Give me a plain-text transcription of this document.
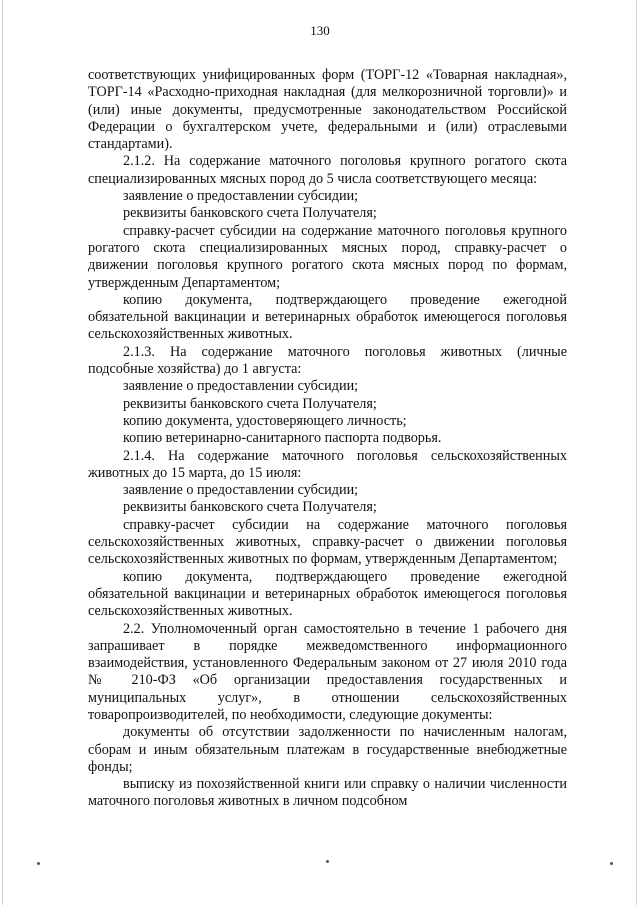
130

соответствующих унифицированных форм (ТОРГ-12 «Товарная накладная», ТОРГ-14 «Расходно-приходная накладная (для мелкорозничной торговли)» и (или) иные документы, предусмотренные законодательством Российской Федерации о бухгалтерском учете, федеральными и (или) отраслевыми стандартами).

2.1.2. На содержание маточного поголовья крупного рогатого скота специализированных мясных пород до 5 числа соответствующего месяца:

заявление о предоставлении субсидии;

реквизиты банковского счета Получателя;

справку-расчет субсидии на содержание маточного поголовья крупного рогатого скота специализированных мясных пород, справку-расчет о движении поголовья крупного рогатого скота мясных пород по формам, утвержденным Департаментом;

копию документа, подтверждающего проведение ежегодной обязательной вакцинации и ветеринарных обработок имеющегося поголовья сельскохозяйственных животных.

2.1.3. На содержание маточного поголовья животных (личные подсобные хозяйства) до 1 августа:

заявление о предоставлении субсидии;

реквизиты банковского счета Получателя;

копию документа, удостоверяющего личность;

копию ветеринарно-санитарного паспорта подворья.

2.1.4. На содержание маточного поголовья сельскохозяйственных животных до 15 марта, до 15 июля:

заявление о предоставлении субсидии;

реквизиты банковского счета Получателя;

справку-расчет субсидии на содержание маточного поголовья сельскохозяйственных животных, справку-расчет о движении поголовья сельскохозяйственных животных по формам, утвержденным Департаментом;

копию документа, подтверждающего проведение ежегодной обязательной вакцинации и ветеринарных обработок имеющегося поголовья сельскохозяйственных животных.

2.2. Уполномоченный орган самостоятельно в течение 1 рабочего дня запрашивает в порядке межведомственного информационного взаимодействия, установленного Федеральным законом от 27 июля 2010 года № 210-ФЗ «Об организации предоставления государственных и муниципальных услуг», в отношении сельскохозяйственных товаропроизводителей, по необходимости, следующие документы:

документы об отсутствии задолженности по начисленным налогам, сборам и иным обязательным платежам в государственные внебюджетные фонды;

выписку из похозяйственной книги или справку о наличии численности маточного поголовья животных в личном подсобном
